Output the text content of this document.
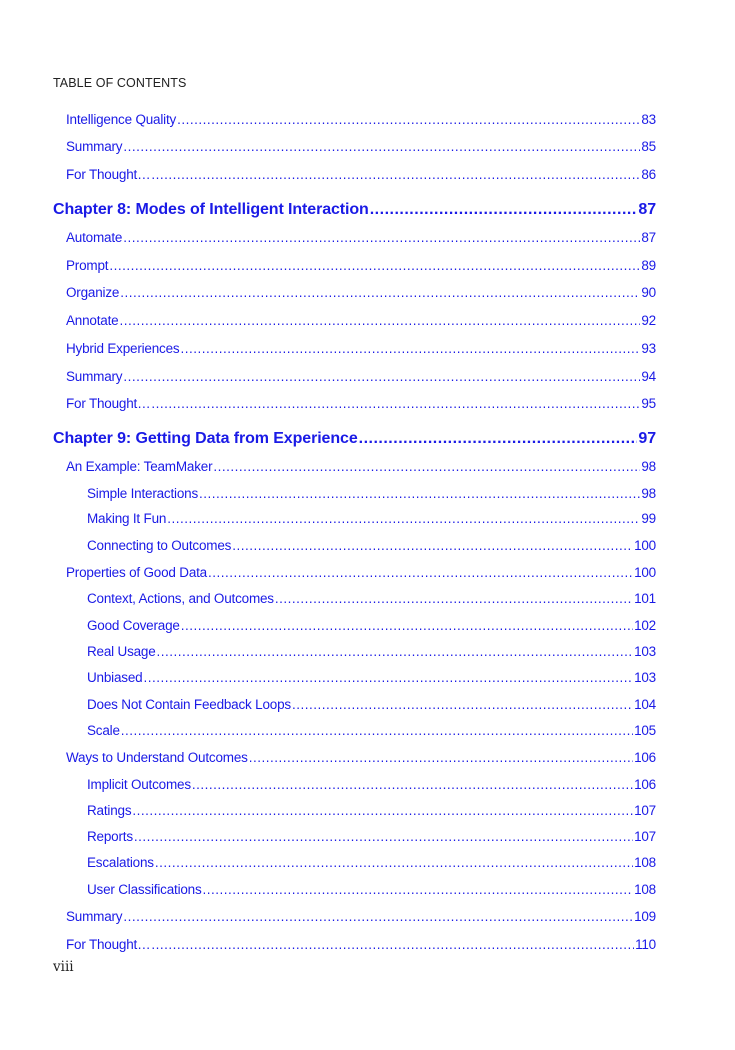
TABLE OF CONTENTS
Intelligence Quality .....	83
Summary .....	85
For Thought… .....	86
Chapter 8: Modes of Intelligent Interaction .....	87
Automate .....	87
Prompt .....	89
Organize .....	90
Annotate .....	92
Hybrid Experiences .....	93
Summary .....	94
For Thought… .....	95
Chapter 9: Getting Data from Experience .....	97
An Example: TeamMaker .....	98
Simple Interactions .....	98
Making It Fun .....	99
Connecting to Outcomes .....	100
Properties of Good Data .....	100
Context, Actions, and Outcomes .....	101
Good Coverage .....	102
Real Usage .....	103
Unbiased .....	103
Does Not Contain Feedback Loops .....	104
Scale .....	105
Ways to Understand Outcomes .....	106
Implicit Outcomes .....	106
Ratings .....	107
Reports .....	107
Escalations .....	108
User Classifications .....	108
Summary .....	109
For Thought… .....	110
viii
